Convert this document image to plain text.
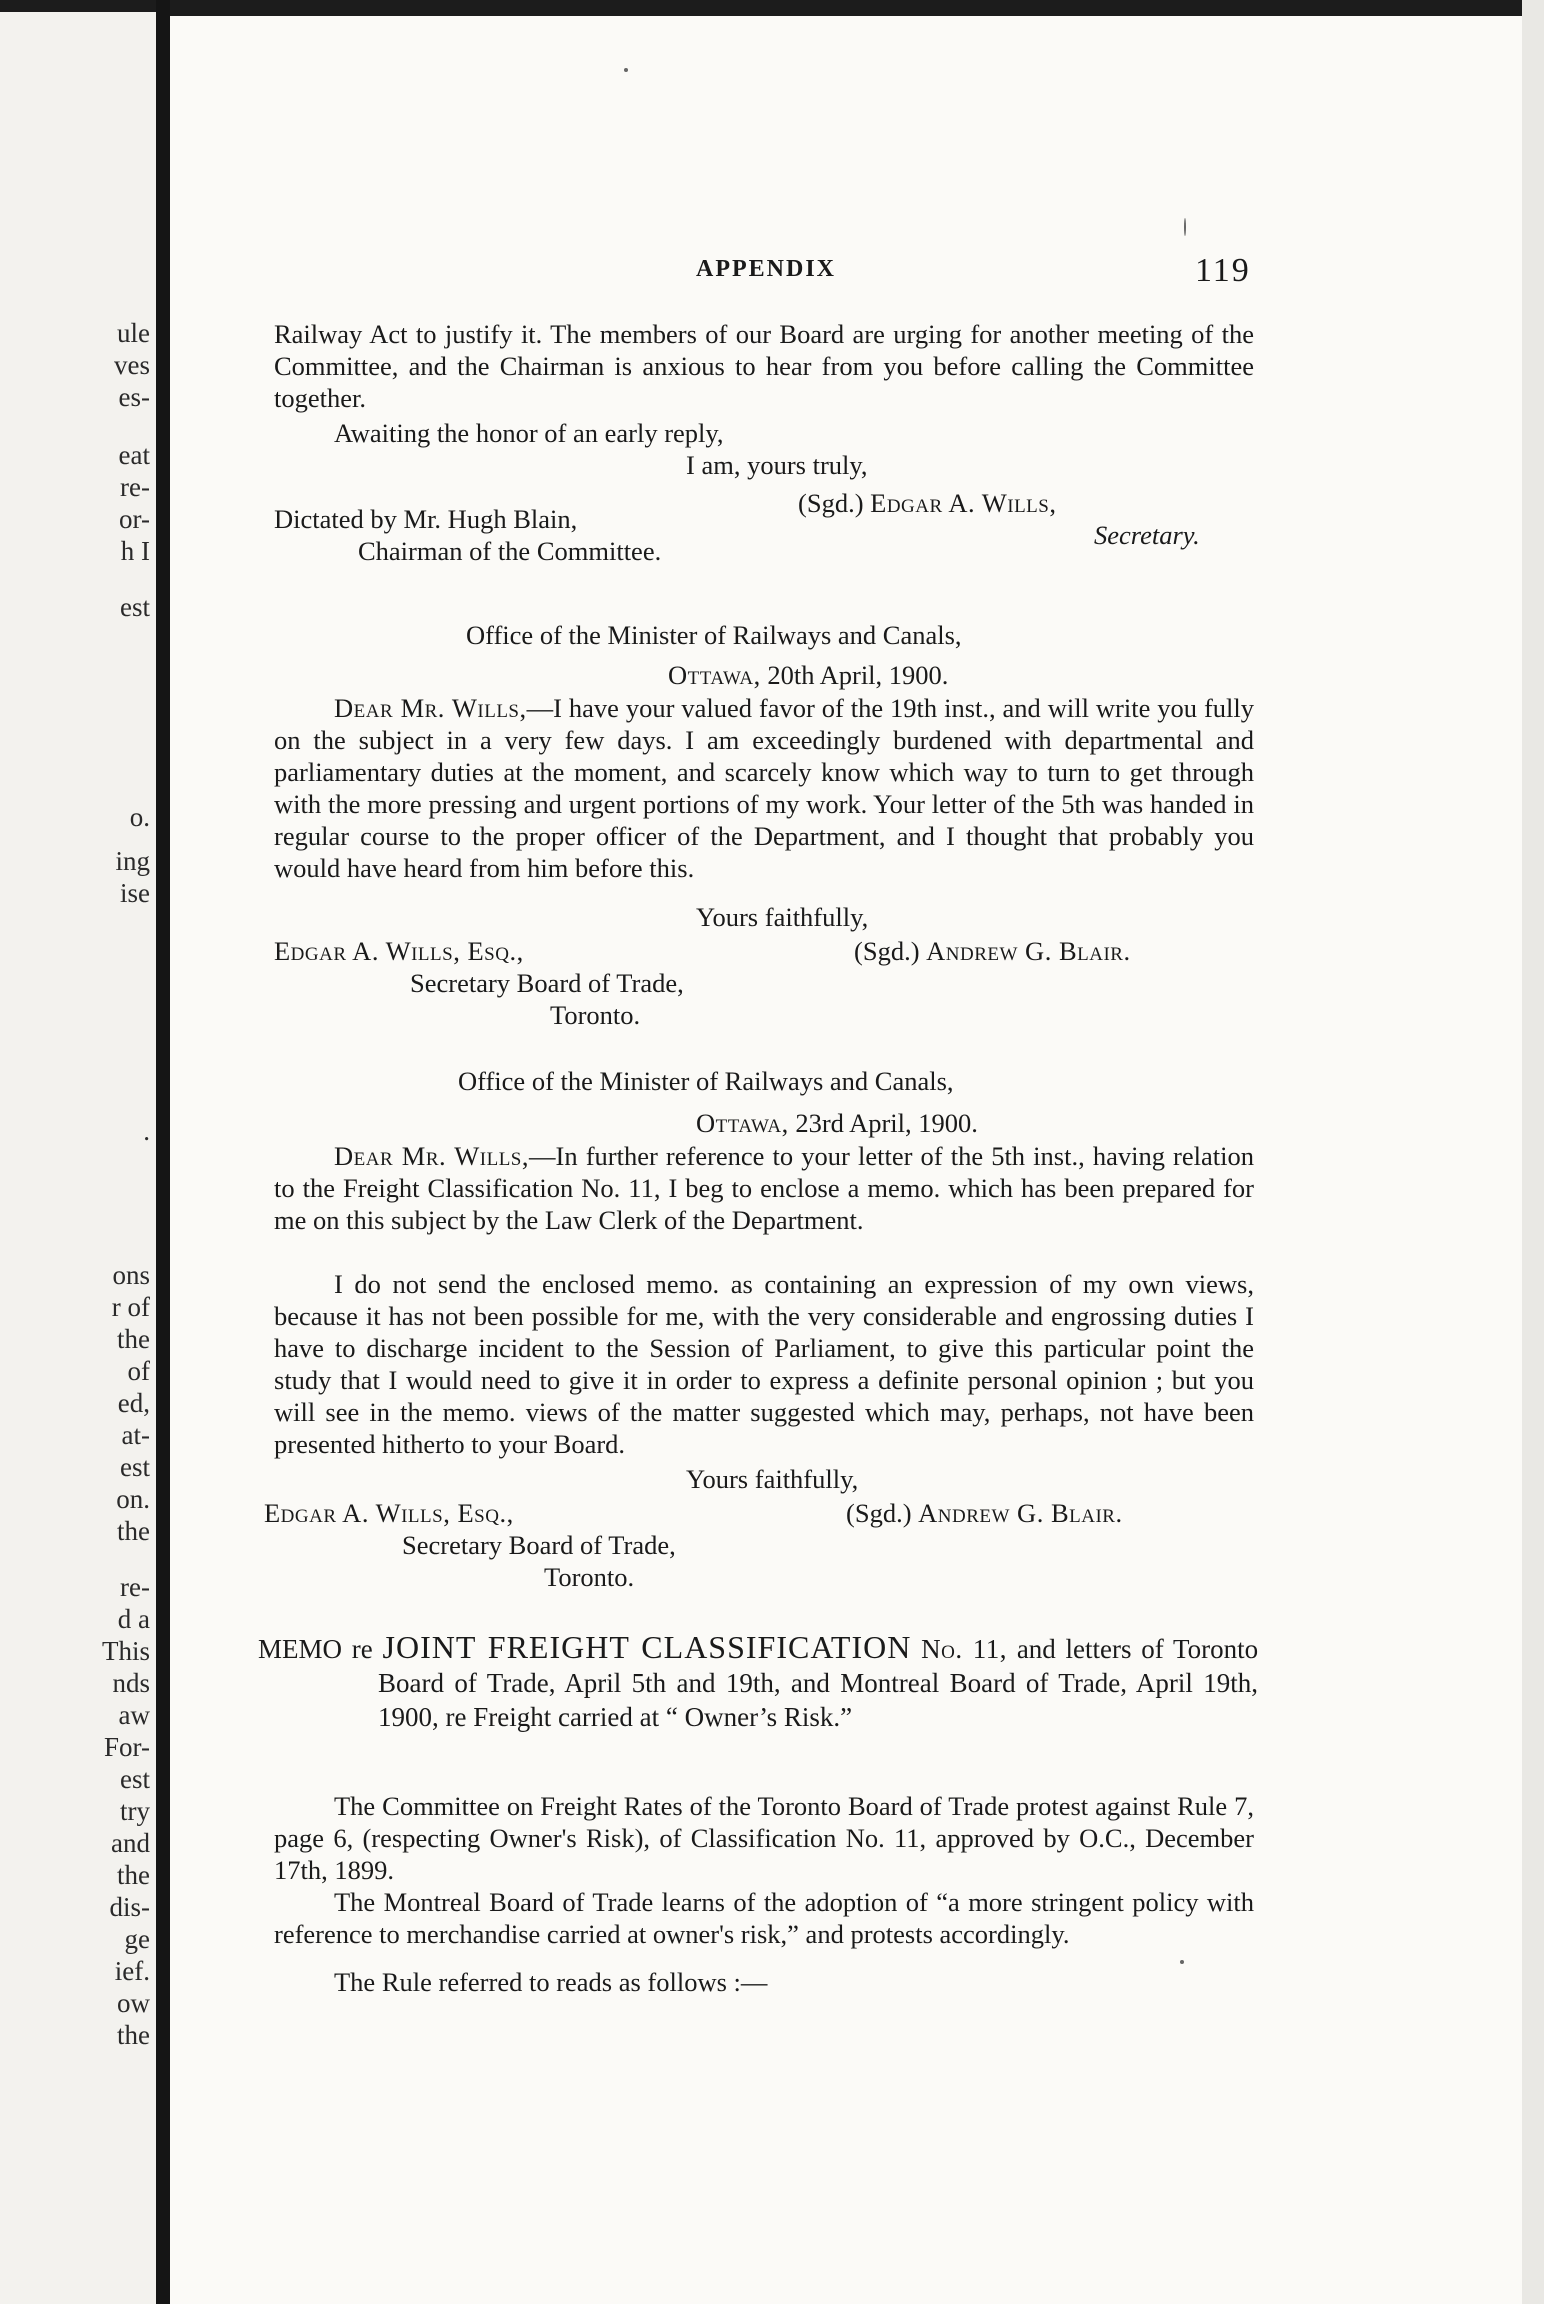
ule
ves
es-
eat
re-
or-
h I
est
o.
ing
ise
.
ons
r of
the
of
ed,
at-
est
on.
the
re-
d a
This
nds
aw
For-
est
try
and
the
dis-
ge
ief.
ow
the
APPENDIX	119
Railway Act to justify it. The members of our Board are urging for another meeting of the Committee, and the Chairman is anxious to hear from you before calling the Committee together.
Awaiting the honor of an early reply,
I am, yours truly,
(Sgd.) Edgar A. Wills,
Dictated by Mr. Hugh Blain,
Secretary.
Chairman of the Committee.
Office of the Minister of Railways and Canals,
Ottawa, 20th April, 1900.
Dear Mr. Wills,—I have your valued favor of the 19th inst., and will write you fully on the subject in a very few days. I am exceedingly burdened with departmental and parliamentary duties at the moment, and scarcely know which way to turn to get through with the more pressing and urgent portions of my work. Your letter of the 5th was handed in regular course to the proper officer of the Department, and I thought that probably you would have heard from him before this.
Yours faithfully,
Edgar A. Wills, Esq.,	(Sgd.) Andrew G. Blair.
Secretary Board of Trade,
Toronto.
Office of the Minister of Railways and Canals,
Ottawa, 23rd April, 1900.
Dear Mr. Wills,—In further reference to your letter of the 5th inst., having relation to the Freight Classification No. 11, I beg to enclose a memo. which has been prepared for me on this subject by the Law Clerk of the Department.
I do not send the enclosed memo. as containing an expression of my own views, because it has not been possible for me, with the very considerable and engrossing duties I have to discharge incident to the Session of Parliament, to give this particular point the study that I would need to give it in order to express a definite personal opinion ; but you will see in the memo. views of the matter suggested which may, perhaps, not have been presented hitherto to your Board.
Yours faithfully,
Edgar A. Wills, Esq.,	(Sgd.) Andrew G. Blair.
Secretary Board of Trade,
Toronto.
MEMO re JOINT FREIGHT CLASSIFICATION No. 11, and letters of Toronto Board of Trade, April 5th and 19th, and Montreal Board of Trade, April 19th, 1900, re Freight carried at “ Owner’s Risk.”
The Committee on Freight Rates of the Toronto Board of Trade protest against Rule 7, page 6, (respecting Owner's Risk), of Classification No. 11, approved by O.C., December 17th, 1899.
The Montreal Board of Trade learns of the adoption of “a more stringent policy with reference to merchandise carried at owner's risk,” and protests accordingly.
The Rule referred to reads as follows :—
